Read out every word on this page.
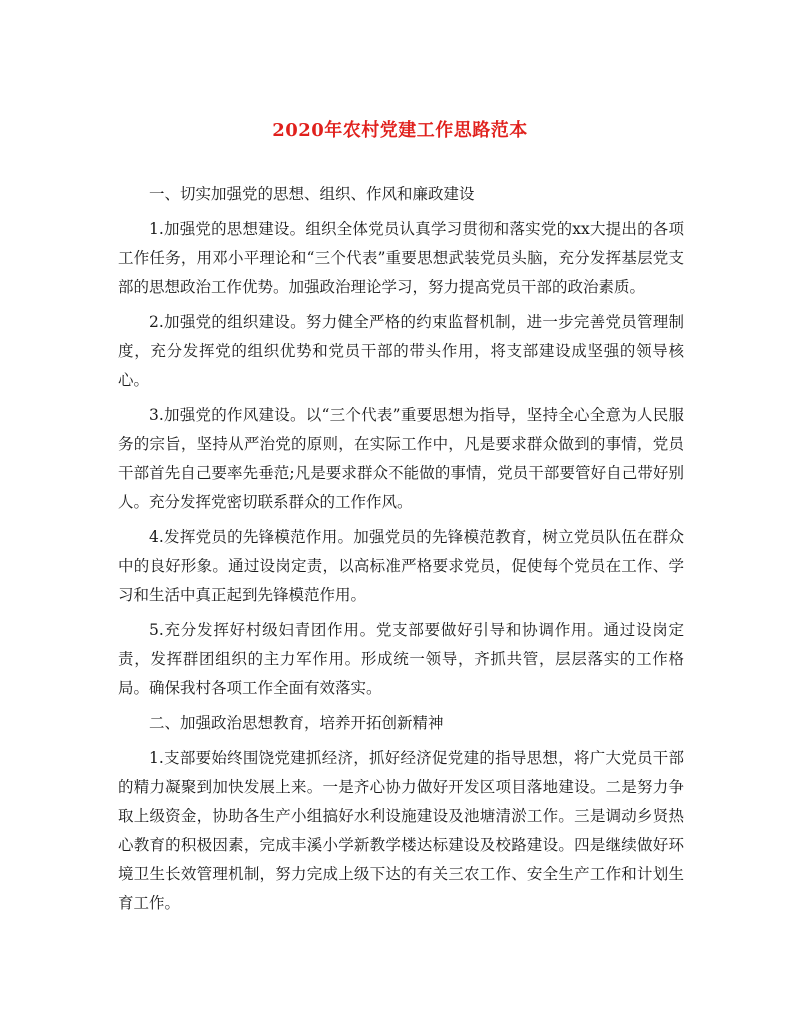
2020年农村党建工作思路范本

一、切实加强党的思想、组织、作风和廉政建设

1.加强党的思想建设。组织全体党员认真学习贯彻和落实党的xx大提出的各项工作任务，用邓小平理论和“三个代表”重要思想武装党员头脑，充分发挥基层党支部的思想政治工作优势。加强政治理论学习，努力提高党员干部的政治素质。

2.加强党的组织建设。努力健全严格的约束监督机制，进一步完善党员管理制度，充分发挥党的组织优势和党员干部的带头作用，将支部建设成坚强的领导核心。

3.加强党的作风建设。以“三个代表”重要思想为指导，坚持全心全意为人民服务的宗旨，坚持从严治党的原则，在实际工作中，凡是要求群众做到的事情，党员干部首先自己要率先垂范;凡是要求群众不能做的事情，党员干部要管好自己带好别人。充分发挥党密切联系群众的工作作风。

4.发挥党员的先锋模范作用。加强党员的先锋模范教育，树立党员队伍在群众中的良好形象。通过设岗定责，以高标准严格要求党员，促使每个党员在工作、学习和生活中真正起到先锋模范作用。

5.充分发挥好村级妇青团作用。党支部要做好引导和协调作用。通过设岗定责，发挥群团组织的主力军作用。形成统一领导，齐抓共管，层层落实的工作格局。确保我村各项工作全面有效落实。

二、加强政治思想教育，培养开拓创新精神

1.支部要始终围饶党建抓经济，抓好经济促党建的指导思想，将广大党员干部的精力凝聚到加快发展上来。一是齐心协力做好开发区项目落地建设。二是努力争取上级资金，协助各生产小组搞好水利设施建设及池塘清淤工作。三是调动乡贤热心教育的积极因素，完成丰溪小学新教学楼达标建设及校路建设。四是继续做好环境卫生长效管理机制，努力完成上级下达的有关三农工作、安全生产工作和计划生育工作。
